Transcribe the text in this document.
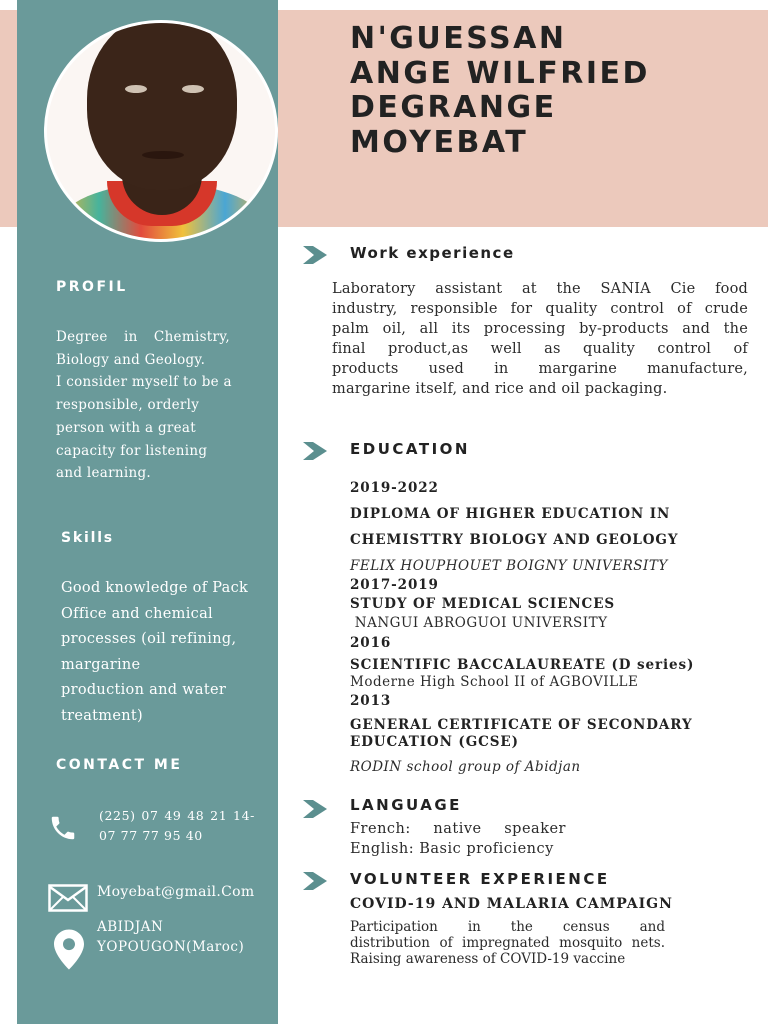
N'GUESSAN
ANGE WILFRIED
DEGRANGE
MOYEBAT
PROFIL

Degree in Chemistry,

Biology and Geology.

I consider myself to be a

responsible, orderly

person with a great

capacity for listening

and learning.

Skills

Good knowledge of Pack

Office and chemical

processes (oil refining,

margarine

production and water

treatment)

CONTACT ME

(225) 07 49 48 21 14-

07 77 77 95 40

Moyebat@gmail.Com

ABIDJAN

YOPOUGON(Maroc)

Work experience

Laboratory assistant at the SANIA Cie food

industry, responsible for quality control of crude

palm oil, all its processing by-products and the

final product,as well as quality control of

products used in margarine manufacture,

margarine itself, and rice and oil packaging.

EDUCATION
2019-2022
DIPLOMA OF HIGHER EDUCATION IN
CHEMISTTRY BIOLOGY AND GEOLOGY
FELIX HOUPHOUET BOIGNY UNIVERSITY
2017-2019
STUDY OF MEDICAL SCIENCES
NANGUI ABROGUOI UNIVERSITY
2016
SCIENTIFIC BACCALAUREATE (D series)
Moderne High School II of AGBOVILLE
2013
GENERAL CERTIFICATE OF SECONDARY
EDUCATION (GCSE)
RODIN school group of Abidjan
LANGUAGE
French: native speaker
English: Basic proficiency
VOLUNTEER EXPERIENCE
COVID-19 AND MALARIA CAMPAIGN

Participation in the census and

distribution of impregnated mosquito nets.

Raising awareness of COVID-19 vaccine
